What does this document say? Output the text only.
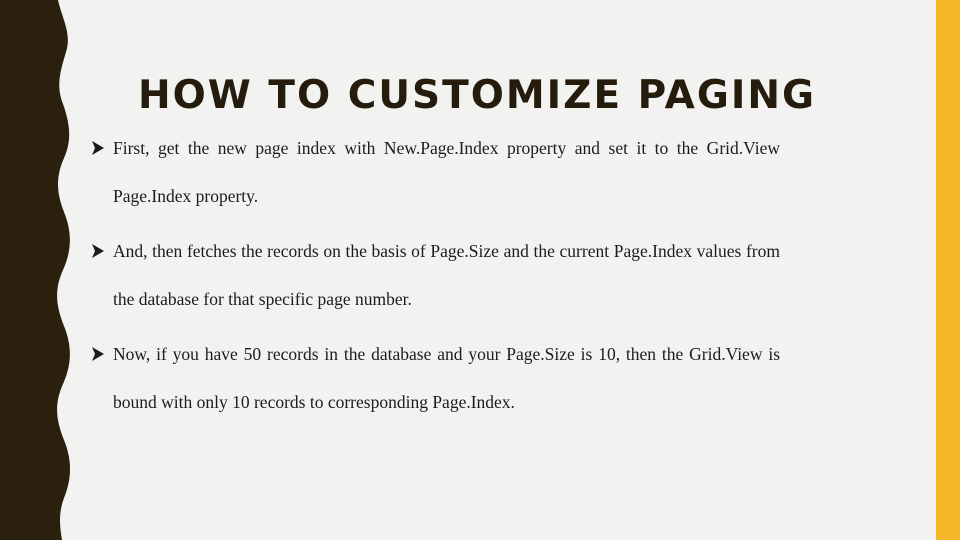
HOW TO CUSTOMIZE PAGING
First, get the new page index with New.Page.Index property and set it to the Grid.View Page.Index property.
And, then fetches the records on the basis of Page.Size and the current Page.Index values from the database for that specific page number.
Now, if you have 50 records in the database and your Page.Size is 10, then the Grid.View is bound with only 10 records to corresponding Page.Index.
